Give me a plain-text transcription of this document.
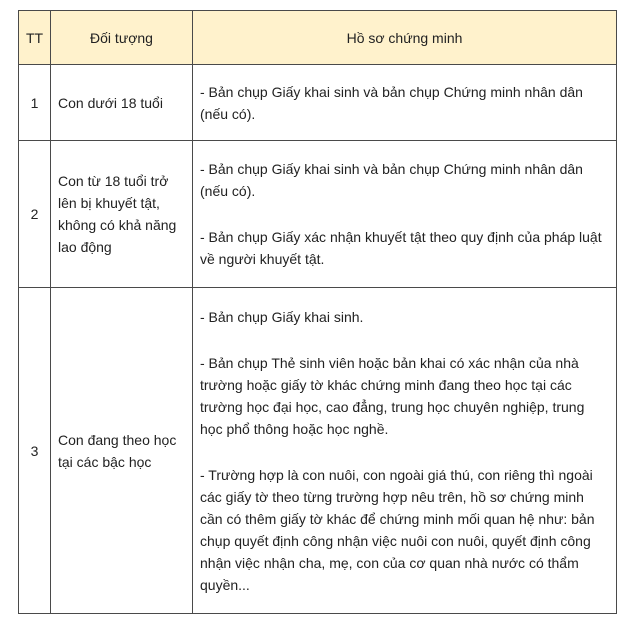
TT	Đối tượng	Hồ sơ chứng minh
1	Con dưới 18 tuổi	- Bản chụp Giấy khai sinh và bản chụp Chứng minh nhân dân (nếu có).

2	Con từ 18 tuổi trở lên bị khuyết tật, không có khả năng lao động	- Bản chụp Giấy khai sinh và bản chụp Chứng minh nhân dân (nếu có).

- Bản chụp Giấy xác nhận khuyết tật theo quy định của pháp luật về người khuyết tật.

3	Con đang theo học tại các bậc học	- Bản chụp Giấy khai sinh.

- Bản chụp Thẻ sinh viên hoặc bản khai có xác nhận của nhà trường hoặc giấy tờ khác chứng minh đang theo học tại các trường học đại học, cao đẳng, trung học chuyên nghiệp, trung học phổ thông hoặc học nghề.

- Trường hợp là con nuôi, con ngoài giá thú, con riêng thì ngoài các giấy tờ theo từng trường hợp nêu trên, hồ sơ chứng minh cần có thêm giấy tờ khác để chứng minh mối quan hệ như: bản chụp quyết định công nhận việc nuôi con nuôi, quyết định công nhận việc nhận cha, mẹ, con của cơ quan nhà nước có thẩm quyền...
